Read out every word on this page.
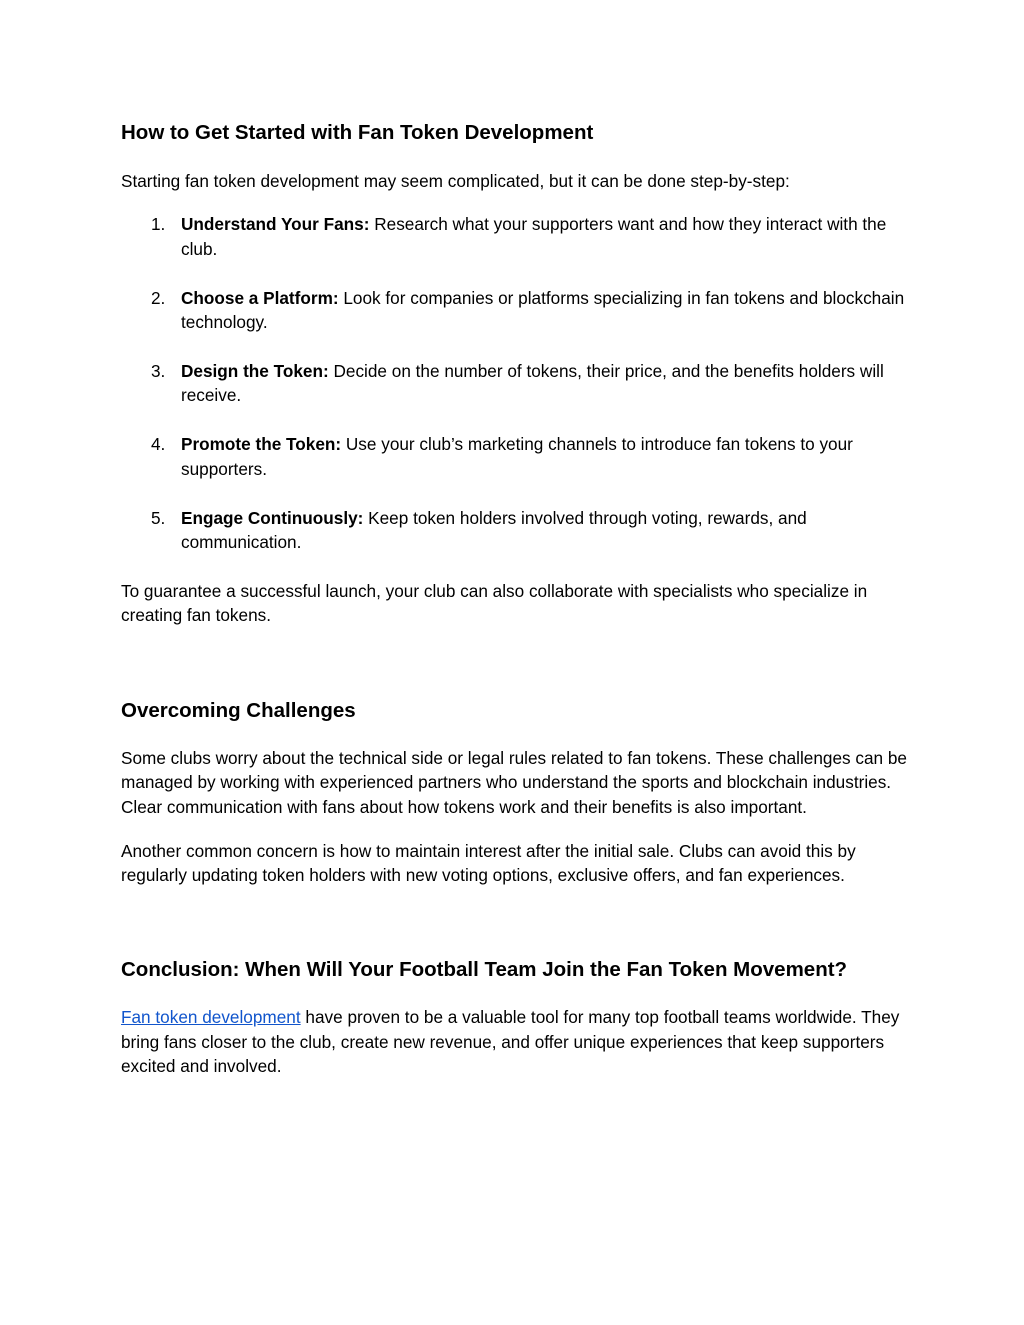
How to Get Started with Fan Token Development

Starting fan token development may seem complicated, but it can be done step-by-step:

1. Understand Your Fans: Research what your supporters want and how they interact with the club.
2. Choose a Platform: Look for companies or platforms specializing in fan tokens and blockchain technology.
3. Design the Token: Decide on the number of tokens, their price, and the benefits holders will receive.
4. Promote the Token: Use your club’s marketing channels to introduce fan tokens to your supporters.
5. Engage Continuously: Keep token holders involved through voting, rewards, and communication.

To guarantee a successful launch, your club can also collaborate with specialists who specialize in creating fan tokens.

Overcoming Challenges

Some clubs worry about the technical side or legal rules related to fan tokens. These challenges can be managed by working with experienced partners who understand the sports and blockchain industries. Clear communication with fans about how tokens work and their benefits is also important.

Another common concern is how to maintain interest after the initial sale. Clubs can avoid this by regularly updating token holders with new voting options, exclusive offers, and fan experiences.

Conclusion: When Will Your Football Team Join the Fan Token Movement?

Fan token development have proven to be a valuable tool for many top football teams worldwide. They bring fans closer to the club, create new revenue, and offer unique experiences that keep supporters excited and involved.
